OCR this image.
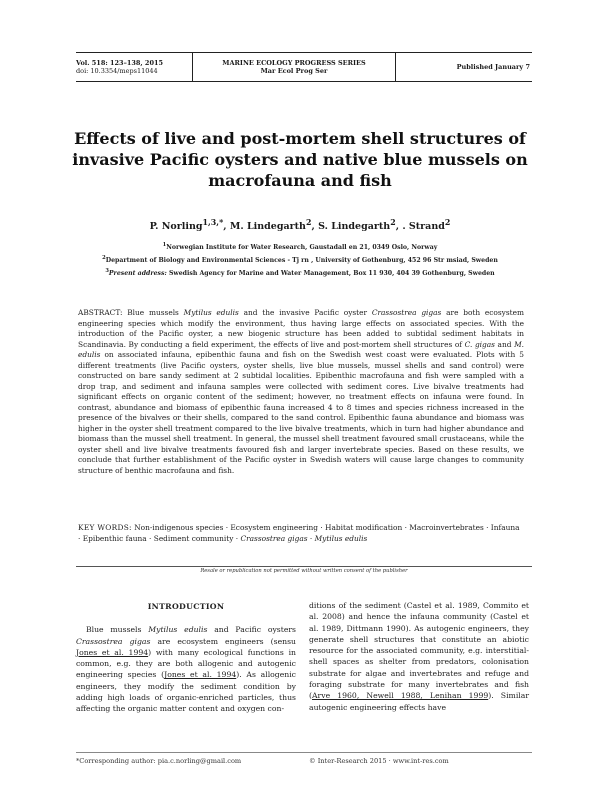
Vol. 518: 123–138, 2015
doi: 10.3354/meps11044
MARINE ECOLOGY PROGRESS SERIES
Mar Ecol Prog Ser
Published January 7
Effects of live and post-mortem shell structures of invasive Pacific oysters and native blue mussels on macrofauna and fish
P. Norling$^{1,3,*}$, M. Lindegarth$^2$, S. Lindegarth$^2$, . Strand$^2$
$^1$Norwegian Institute for Water Research, Gaustadall en 21, 0349 Oslo, Norway
$^2$Department of Biology and Environmental Sciences - Tj rn , University of Gothenburg, 452 96 Str msiad, Sweden
$^3$Present address: Swedish Agency for Marine and Water Management, Box 11 930, 404 39 Gothenburg, Sweden

ABSTRACT: Blue mussels Mytilus edulis and the invasive Pacific oyster Crassostrea gigas are both ecosystem engineering species which modify the environment, thus having large effects on associated species. With the introduction of the Pacific oyster, a new biogenic structure has been added to subtidal sediment habitats in Scandinavia. By conducting a field experiment, the effects of live and post-mortem shell structures of C. gigas and M. edulis on associated infauna, epibenthic fauna and fish on the Swedish west coast were evaluated. Plots with 5 different treatments (live Pacific oysters, oyster shells, live blue mussels, mussel shells and sand control) were constructed on bare sandy sediment at 2 subtidal localities. Epibenthic macrofauna and fish were sampled with a drop trap, and sediment and infauna samples were collected with sediment cores. Live bivalve treatments had significant effects on organic content of the sediment; however, no treatment effects on infauna were found. In contrast, abundance and biomass of epibenthic fauna increased 4 to 8 times and species richness increased in the presence of the bivalves or their shells, compared to the sand control. Epibenthic fauna abundance and biomass was higher in the oyster shell treatment compared to the live bivalve treatments, which in turn had higher abundance and biomass than the mussel shell treatment. In general, the mussel shell treatment favoured small crustaceans, while the oyster shell and live bivalve treatments favoured fish and larger invertebrate species. Based on these results, we conclude that further establishment of the Pacific oyster in Swedish waters will cause large changes to community structure of benthic macrofauna and fish.

KEY WORDS: Non-indigenous species · Ecosystem engineering · Habitat modification · Macroinvertebrates · Infauna · Epibenthic fauna · Sediment community · Crassostrea gigas · Mytilus edulis

Resale or republication not permitted without written consent of the publisher
INTRODUCTION

Blue mussels Mytilus edulis and Pacific oysters Crassostrea gigas are ecosystem engineers (sensu Jones et al. 1994) with many ecological functions in common, e.g. they are both allogenic and autogenic engineering species (Jones et al. 1994). As allogenic engineers, they modify the sediment condition by adding high loads of organic-enriched particles, thus affecting the organic matter content and oxygen con-

ditions of the sediment (Castel et al. 1989, Commito et al. 2008) and hence the infauna community (Castel et al. 1989, Dittmann 1990). As autogenic engineers, they generate shell structures that constitute an abiotic resource for the associated community, e.g. interstitial-shell spaces as shelter from predators, colonisation substrate for algae and invertebrates and refuge and foraging substrate for many invertebrates and fish (Arve 1960, Newell 1988, Lenihan 1999). Similar autogenic engineering effects have

*Corresponding author: pia.c.norling@gmail.com	© Inter-Research 2015 · www.int-res.com
